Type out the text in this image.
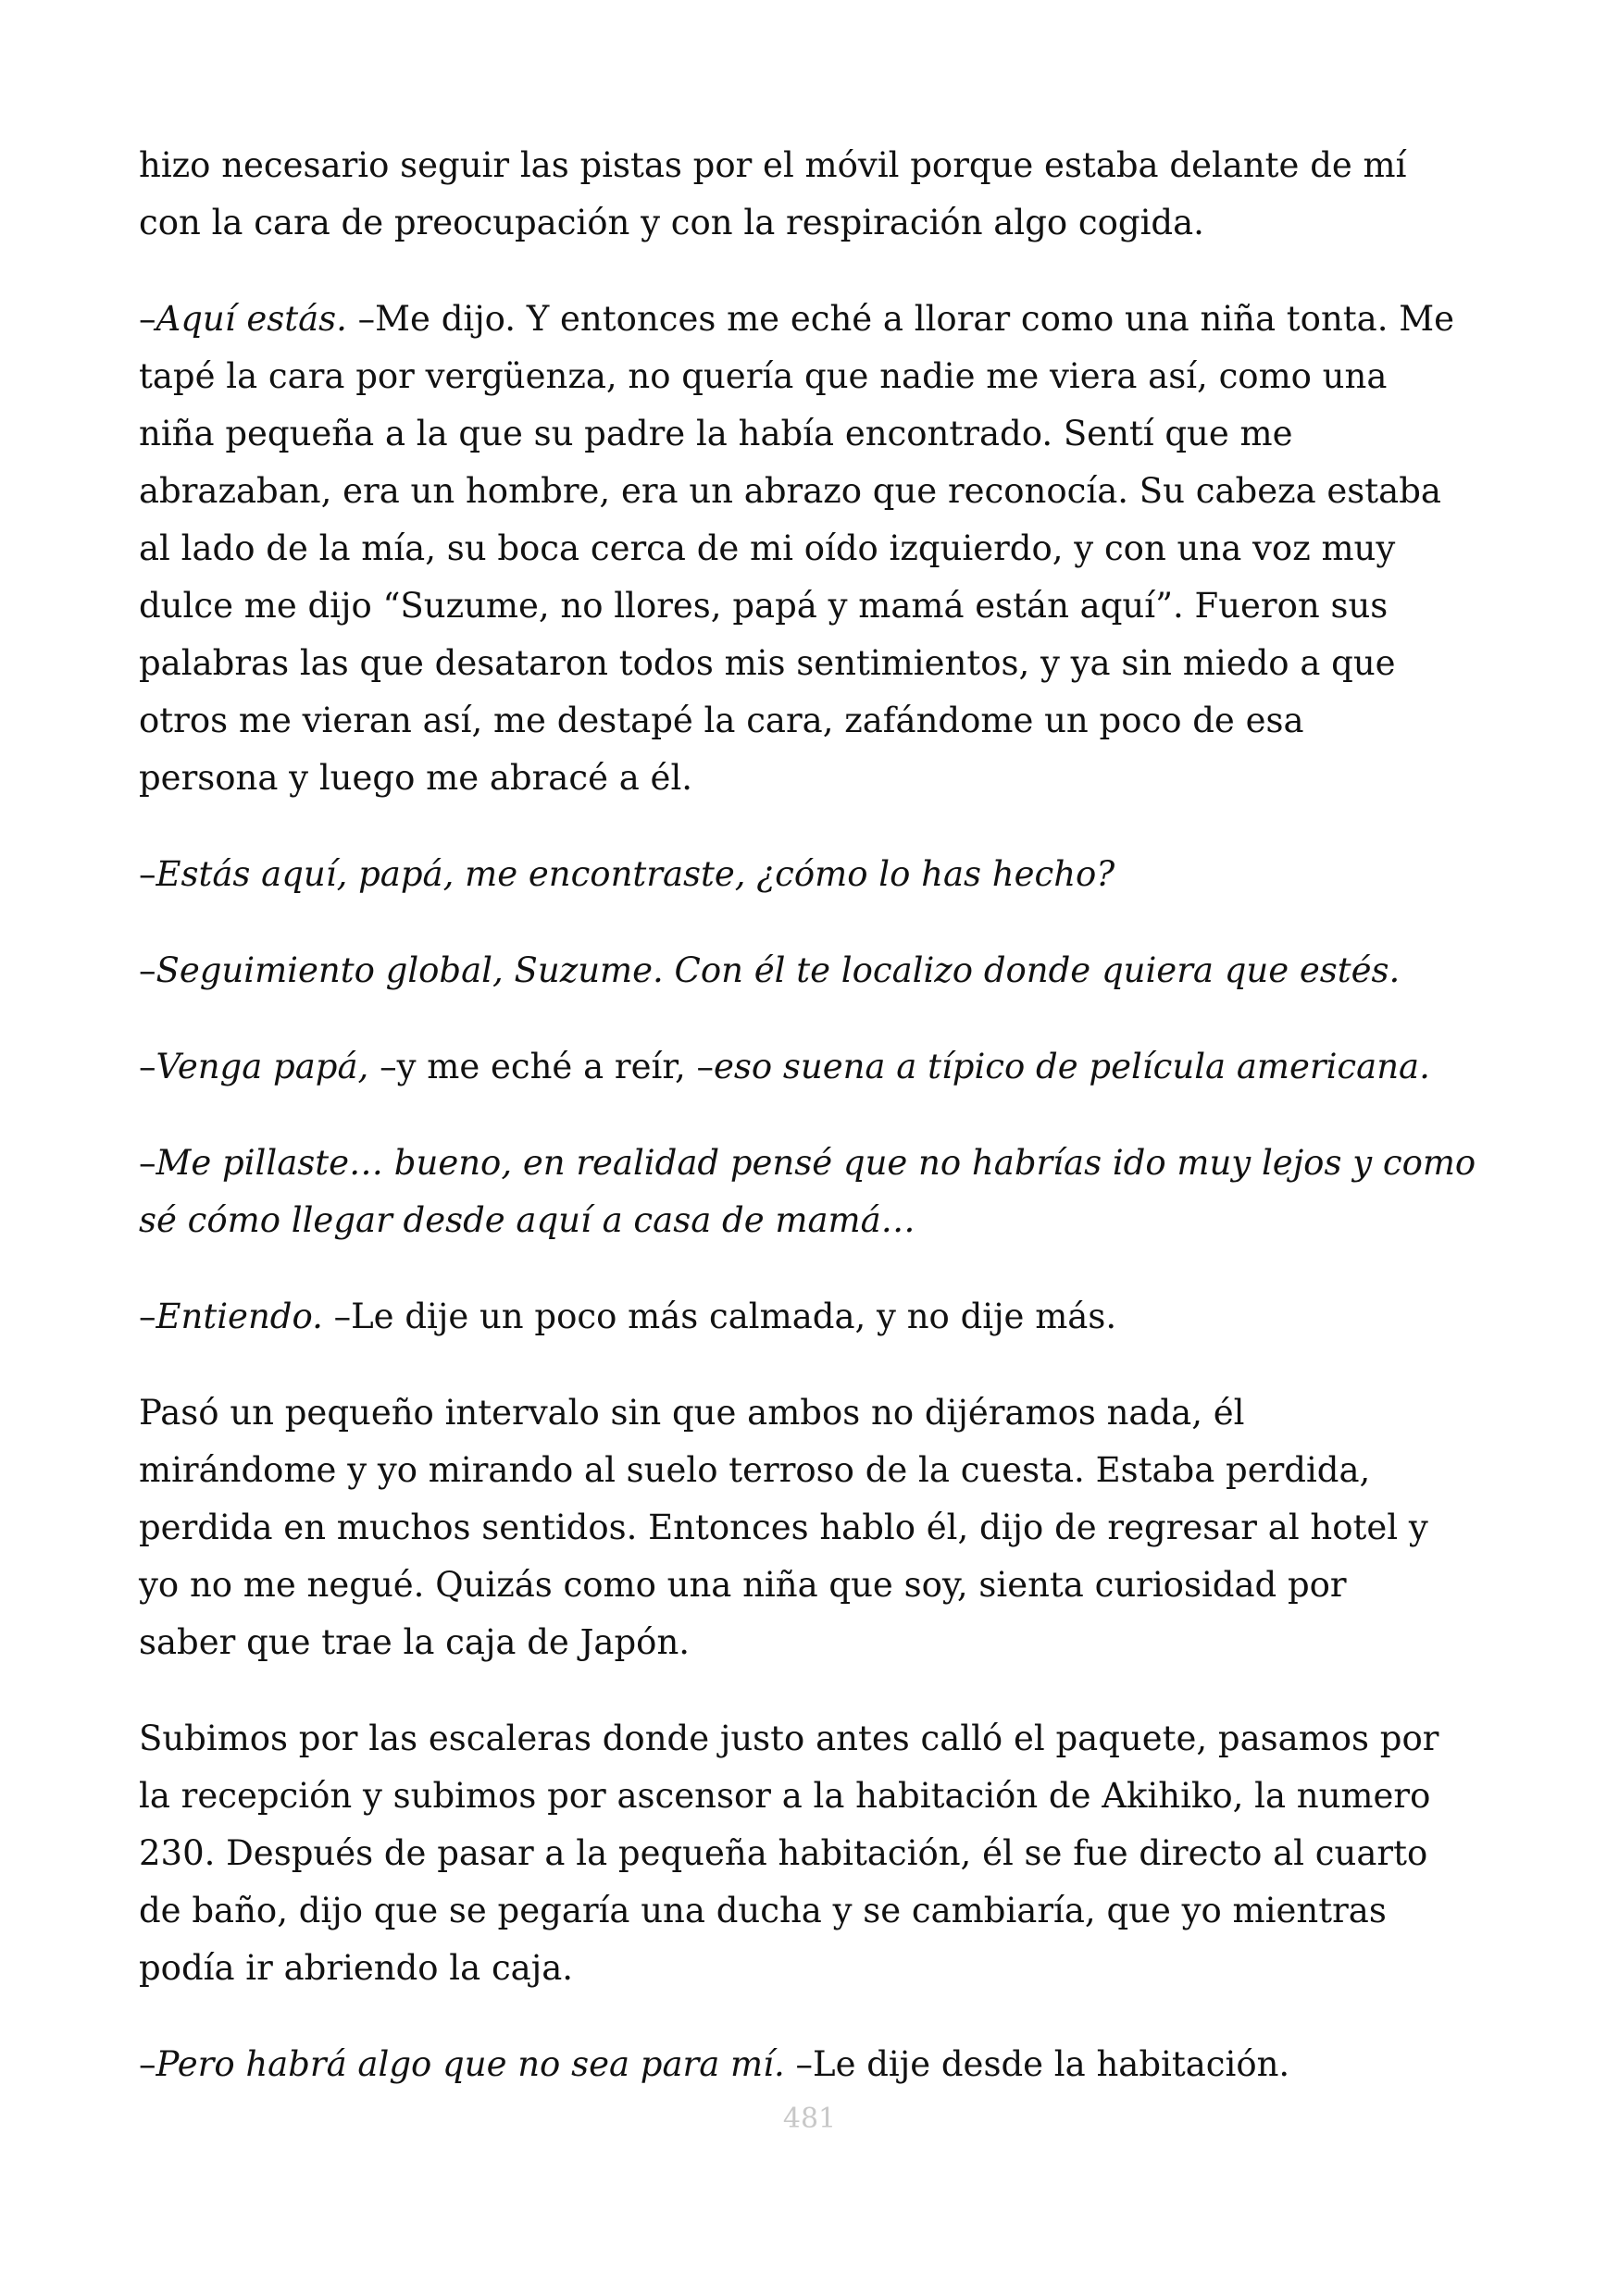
hizo necesario seguir las pistas por el móvil porque estaba delante de mí
con la cara de preocupación y con la respiración algo cogida.

–Aquí estás. –Me dijo. Y entonces me eché a llorar como una niña tonta. Me
tapé la cara por vergüenza, no quería que nadie me viera así, como una
niña pequeña a la que su padre la había encontrado. Sentí que me
abrazaban, era un hombre, era un abrazo que reconocía. Su cabeza estaba
al lado de la mía, su boca cerca de mi oído izquierdo, y con una voz muy
dulce me dijo “Suzume, no llores, papá y mamá están aquí”. Fueron sus
palabras las que desataron todos mis sentimientos, y ya sin miedo a que
otros me vieran así, me destapé la cara, zafándome un poco de esa
persona y luego me abracé a él.

–Estás aquí, papá, me encontraste, ¿cómo lo has hecho?

–Seguimiento global, Suzume. Con él te localizo donde quiera que estés.

–Venga papá, –y me eché a reír, –eso suena a típico de película americana.

–Me pillaste… bueno, en realidad pensé que no habrías ido muy lejos y como
sé cómo llegar desde aquí a casa de mamá…

–Entiendo. –Le dije un poco más calmada, y no dije más.

Pasó un pequeño intervalo sin que ambos no dijéramos nada, él
mirándome y yo mirando al suelo terroso de la cuesta. Estaba perdida,
perdida en muchos sentidos. Entonces hablo él, dijo de regresar al hotel y
yo no me negué. Quizás como una niña que soy, sienta curiosidad por
saber que trae la caja de Japón.

Subimos por las escaleras donde justo antes calló el paquete, pasamos por
la recepción y subimos por ascensor a la habitación de Akihiko, la numero
230. Después de pasar a la pequeña habitación, él se fue directo al cuarto
de baño, dijo que se pegaría una ducha y se cambiaría, que yo mientras
podía ir abriendo la caja.

–Pero habrá algo que no sea para mí. –Le dije desde la habitación.

481
